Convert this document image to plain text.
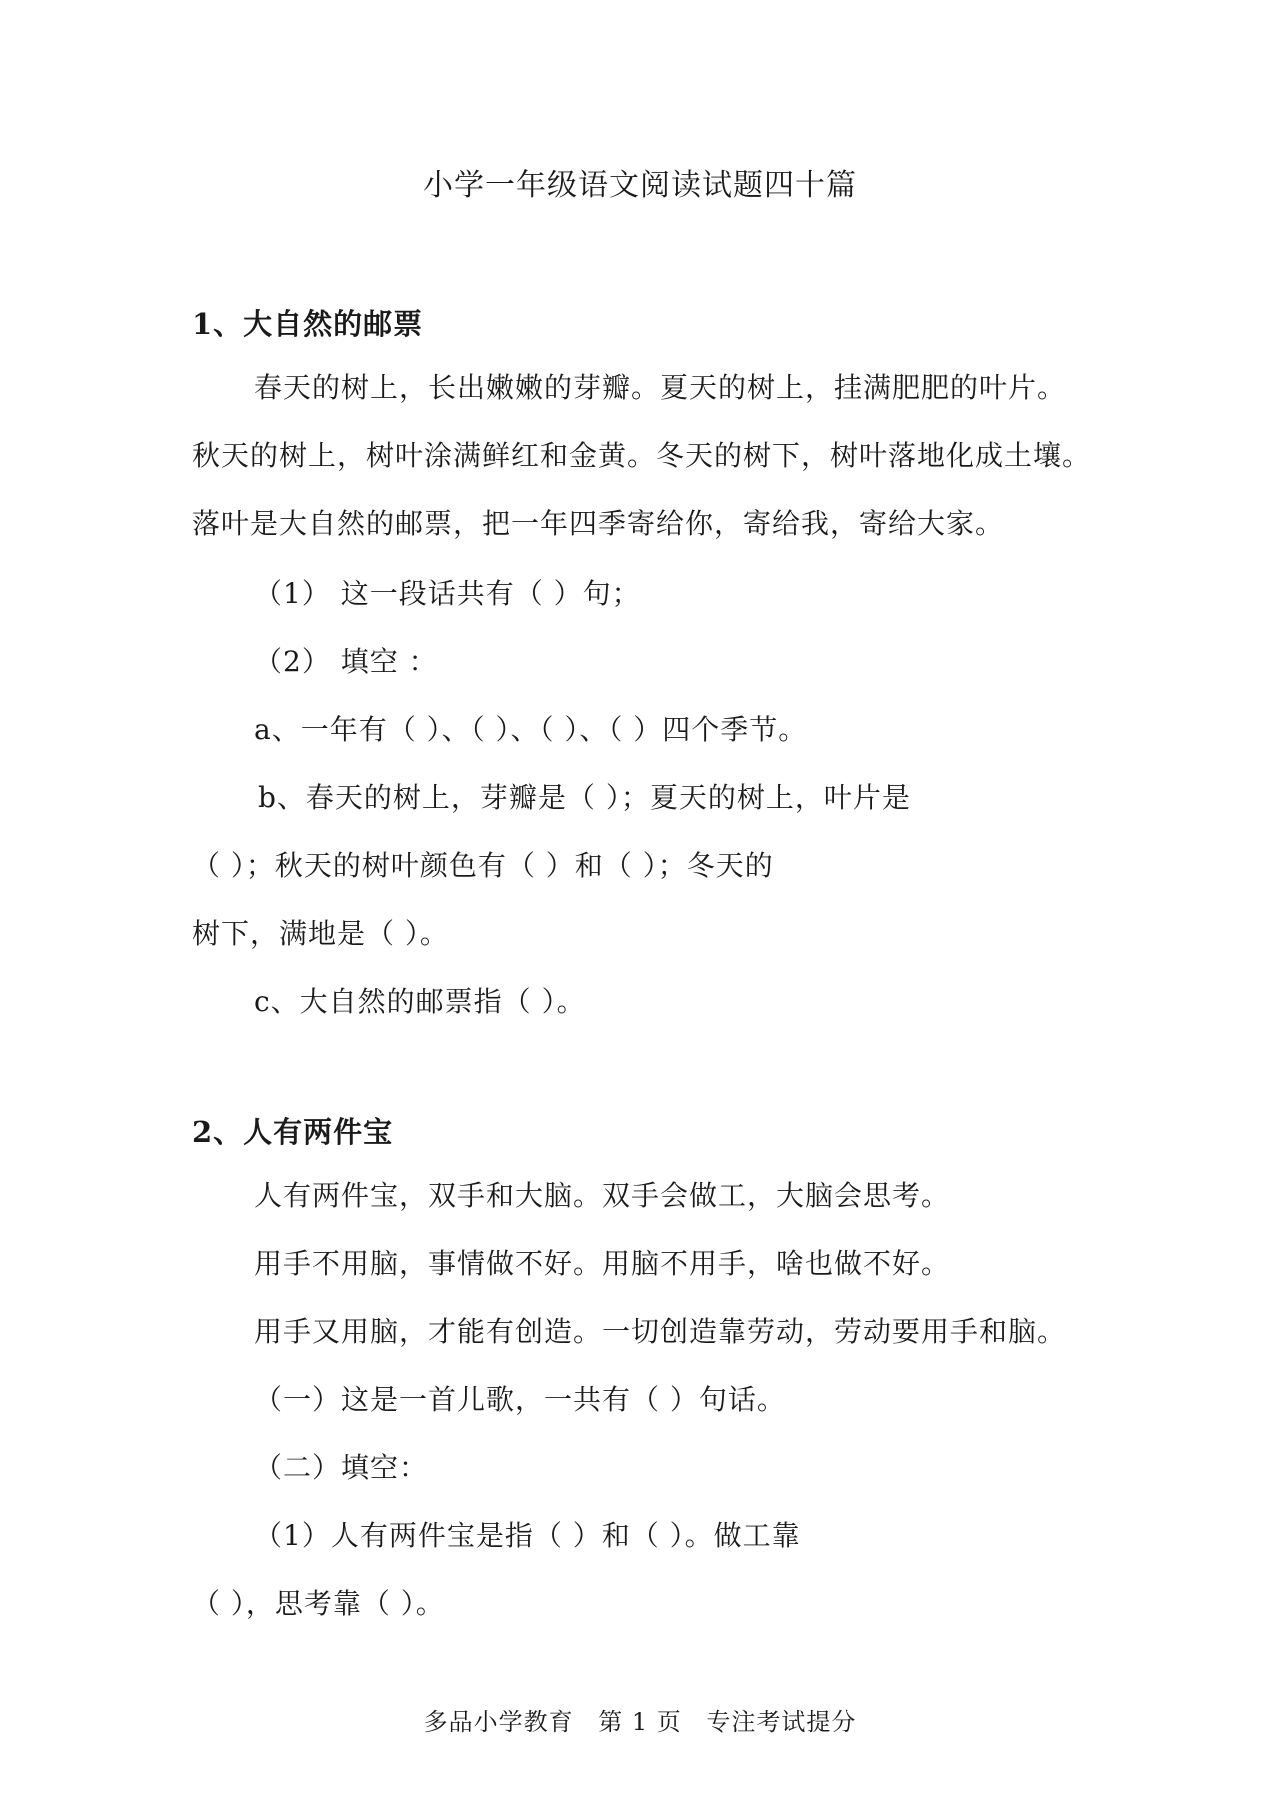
小学一年级语文阅读试题四十篇
1、大自然的邮票
春天的树上，长出嫩嫩的芽瓣。夏天的树上，挂满肥肥的叶片。
秋天的树上，树叶涂满鲜红和金黄。冬天的树下，树叶落地化成土壤。
落叶是大自然的邮票，把一年四季寄给你，寄给我，寄给大家。
（1） 这一段话共有（ ）句；
（2） 填空 ：
a、一年有（ ）、（ ）、（ ）、（ ）四个季节。
b、春天的树上，芽瓣是（ ）；夏天的树上，叶片是
（ ）；秋天的树叶颜色有（ ）和（ ）；冬天的
树下，满地是（ ）。
c、大自然的邮票指（ ）。
2、人有两件宝
人有两件宝，双手和大脑。双手会做工，大脑会思考。
用手不用脑，事情做不好。用脑不用手，啥也做不好。
用手又用脑，才能有创造。一切创造靠劳动，劳动要用手和脑。
（一）这是一首儿歌，一共有（ ）句话。
（二）填空：
（1）人有两件宝是指（ ）和（ ）。做工靠
（ ），思考靠（ ）。
多品小学教育 第 1 页 专注考试提分
